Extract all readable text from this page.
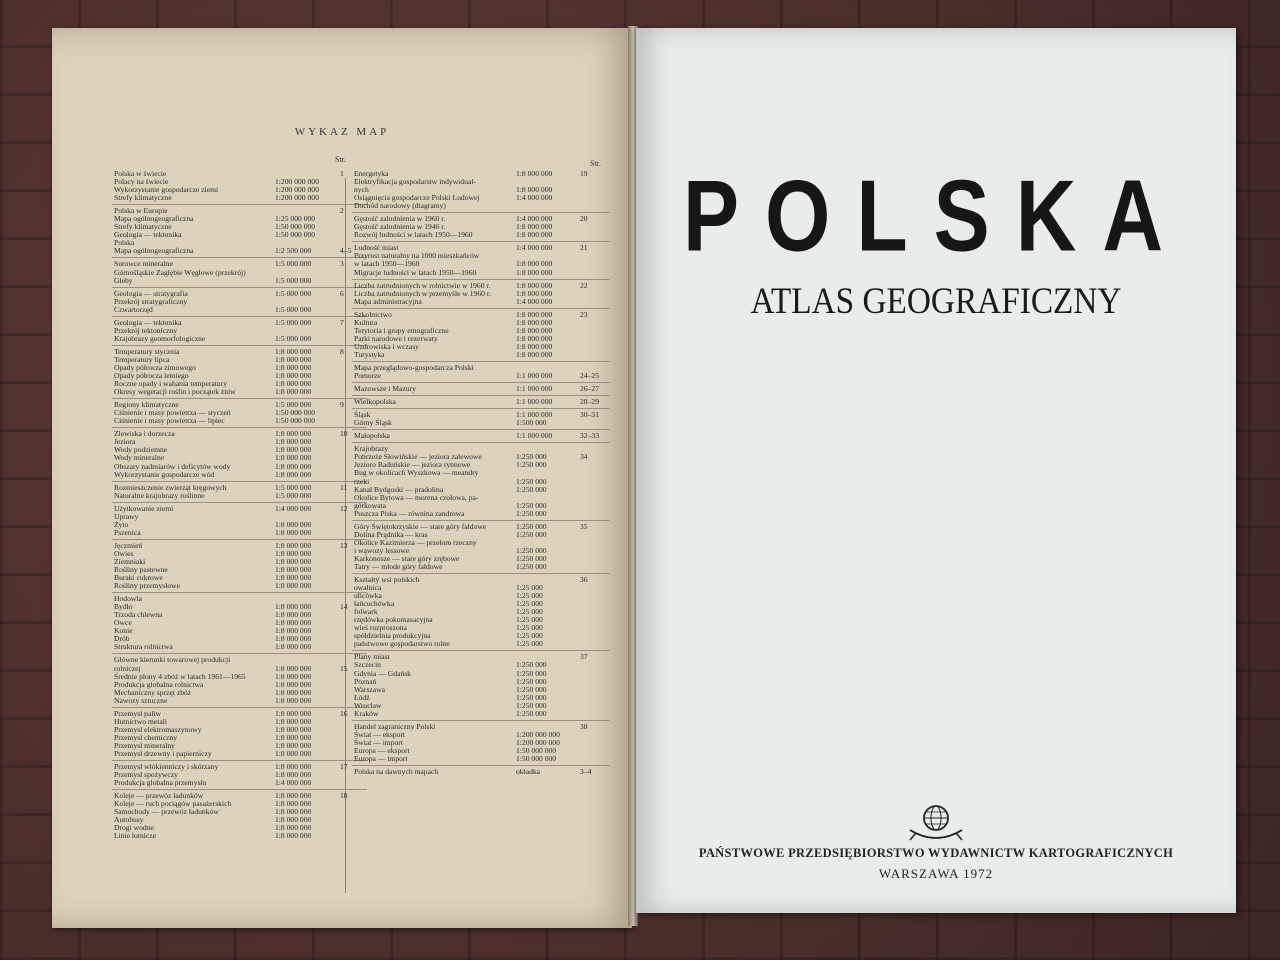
WYKAZ MAP
Str.	Str.
Polska w świecie	1
Polacy na świecie	1:200 000 000
Wykorzystanie gospodarcze ziemi	1:200 000 000
Strefy klimatyczne	1:200 000 000
Polska w Europie	2
Mapa ogólnogeograficzna	1:25 000 000
Strefy klimatyczne	1:50 000 000
Geologia — tektonika	1:50 000 000
Polska
Mapa ogólnogeograficzna	1:2 500 000	4–5
Surowce mineralne	1:5 000 000	3
Górnośląskie Zagłębie Węglowe (przekrój)
Gleby	1:5 000 000
Geologia — stratygrafia	1:5 000 000	6
Przekrój stratygraficzny
Czwartorzęd	1:5 000 000
Geologia — tektonika	1:5 000 000	7
Przekrój tektoniczny
Krajobrazy geomorfologiczne	1:5 000 000
Temperatury stycznia	1:8 000 000	8
Temperatury lipca	1:8 000 000
Opady półrocza zimowego	1:8 000 000
Opady półrocza letniego	1:8 000 000
Roczne opady i wahania temperatury	1:8 000 000
Okresy wegetacji roślin i początek żniw	1:8 000 000
Regiony klimatyczne	1:5 000 000	9
Ciśnienie i masy powietrza — styczeń	1:50 000 000
Ciśnienie i masy powietrza — lipiec	1:50 000 000
Zlewiska i dorzecza	1:8 000 000	10
Jeziora	1:8 000 000
Wody podziemne	1:8 000 000
Wody mineralne	1:8 000 000
Obszary nadmiarów i deficytów wody	1:8 000 000
Wykorzystanie gospodarcze wód	1:8 000 000
Rozmieszczenie zwierząt kręgowych	1:5 000 000	11
Naturalne krajobrazy roślinne	1:5 000 000
Użytkowanie ziemi	1:4 000 000	12
Uprawy
Żyto	1:8 000 000
Pszenica	1:8 000 000
Jęczmień	1:8 000 000	13
Owies	1:8 000 000
Ziemniaki	1:8 000 000
Rośliny pastewne	1:8 000 000
Buraki cukrowe	1:8 000 000
Rośliny przemysłowe	1:8 000 000
Hodowla
Bydło	1:8 000 000	14
Trzoda chlewna	1:8 000 000
Owce	1:8 000 000
Konie	1:8 000 000
Drób	1:8 000 000
Struktura rolnictwa	1:8 000 000
Główne kierunki towarowej produkcji
rolniczej	1:8 000 000	15
Średnie plony 4 zbóż w latach 1961—1965	1:8 000 000
Produkcja globalna rolnictwa	1:8 000 000
Mechaniczny sprzęt zbóż	1:8 000 000
Nawozy sztuczne	1:8 000 000
Przemysł paliw	1:8 000 000	16
Hutnictwo metali	1:8 000 000
Przemysł elektromaszynowy	1:8 000 000
Przemysł chemiczny	1:8 000 000
Przemysł mineralny	1:8 000 000
Przemysł drzewny i papierniczy	1:8 000 000
Przemysł włókienniczy i skórzany	1:8 000 000	17
Przemysł spożywczy	1:8 000 000
Produkcja globalna przemysłu	1:4 000 000
Koleje — przewóz ładunków	1:8 000 000	18
Koleje — ruch pociągów pasażerskich	1:8 000 000
Samochody — przewóz ładunków	1:8 000 000
Autobusy	1:8 000 000
Drogi wodne	1:8 000 000
Linie lotnicze	1:8 000 000
Energetyka	1:8 000 000	19
Elektryfikacja gospodarstw indywidual-
nych	1:8 000 000
Osiągnięcia gospodarcze Polski Ludowej	1:4 000 000
Dochód narodowy (diagramy)
Gęstość zaludnienia w 1960 r.	1:4 000 000	20
Gęstość zaludnienia w 1946 r.	1:8 000 000
Rozwój ludności w latach 1950—1960	1:8 000 000
Ludność miast	1:4 000 000	21
Przyrost naturalny na 1000 mieszkańców
w latach 1950—1960	1:8 000 000
Migracje ludności w latach 1950—1960	1:8 000 000
Liczba zatrudnionych w rolnictwie w 1960 r.	1:8 000 000	22
Liczba zatrudnionych w przemyśle w 1960 r.	1:8 000 000
Mapa administracyjna	1:4 000 000
Szkolnictwo	1:8 000 000	23
Kultura	1:8 000 000
Terytoria i grupy etnograficzne	1:8 000 000
Parki narodowe i rezerwaty	1:8 000 000
Uzdrowiska i wczasy	1:8 000 000
Turystyka	1:8 000 000
Mapa przeglądowo-gospodarcza Polski
Pomorze	1:1 000 000	24–25
Mazowsze i Mazury	1:1 000 000	26–27
Wielkopolska	1:1 000 000	28–29
Śląsk	1:1 000 000	30–31
Górny Śląsk	1:500 000
Małopolska	1:1 000 000	32–33
Krajobrazy
Pobrzeże Słowińskie — jeziora zalewowe	1:250 000	34
Jezioro Raduńskie — jeziora rynnowe	1:250 000
Bug w okolicach Wyszkowa — meandry
rzeki	1:250 000
Kanał Bydgoski — pradolina	1:250 000
Okolice Bytowa — morena czołowa, pa-
górkowata	1:250 000
Puszcza Piska — równina zandrowa	1:250 000
Góry Świętokrzyskie — stare góry fałdowe	1:250 000	35
Dolina Prądnika — kras	1:250 000
Okolice Kazimierza — przełom rzeczny
i wąwozy lessowe	1:250 000
Karkonosze — stare góry zrębowe	1:250 000
Tatry — młode góry fałdowe	1:250 000
Kształty wsi polskich	36
owalnica	1:25 000
ulicówka	1:25 000
łańcuchówka	1:25 000
folwark	1:25 000
rzędówka pokomasacyjna	1:25 000
wieś rozproszona	1:25 000
spółdzielnia produkcyjna	1:25 000
państwowe gospodarstwo rolne	1:25 000
Plany miast	37
Szczecin	1:250 000
Gdynia — Gdańsk	1:250 000
Poznań	1:250 000
Warszawa	1:250 000
Łódź	1:250 000
Wrocław	1:250 000
Kraków	1:250 000
Handel zagraniczny Polski	38
Świat — eksport	1:200 000 000
Świat — import	1:200 000 000
Europa — eksport	1:50 000 000
Europa — import	1:50 000 000
Polska na dawnych mapach	okładka	3–4
POLSKA
ATLAS GEOGRAFICZNY
PAŃSTWOWE PRZEDSIĘBIORSTWO WYDAWNICTW KARTOGRAFICZNYCH
WARSZAWA 1972
